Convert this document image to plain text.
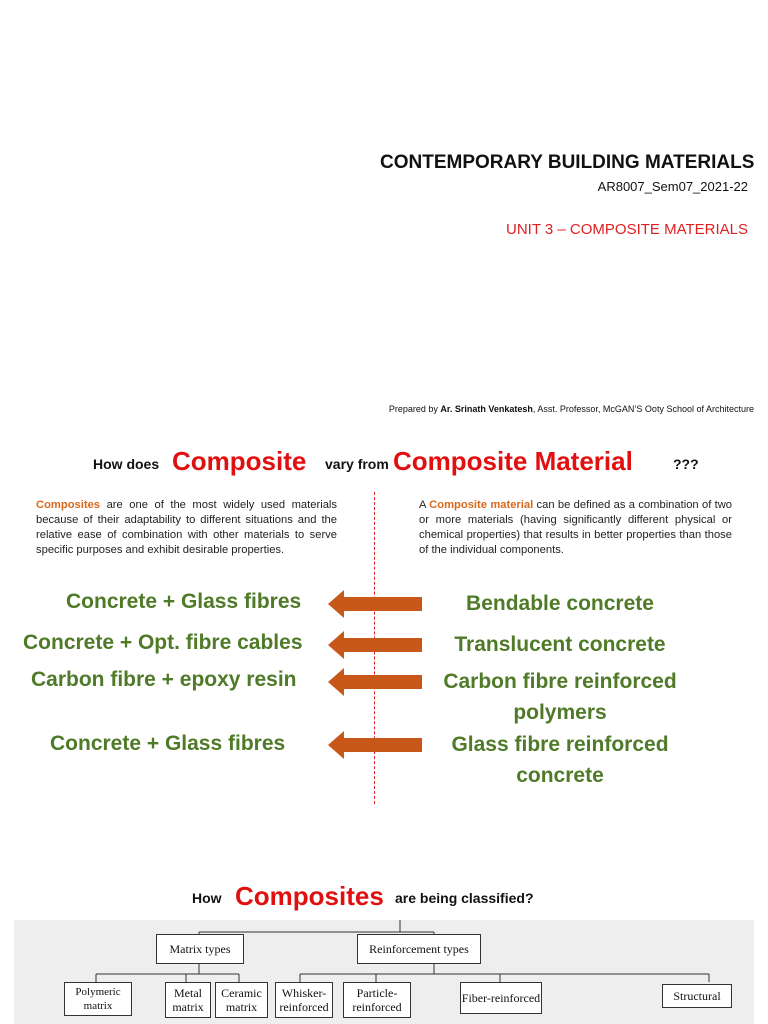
CONTEMPORARY BUILDING MATERIALS
AR8007_Sem07_2021-22
UNIT 3 – COMPOSITE MATERIALS
Prepared by Ar. Srinath Venkatesh, Asst. Professor, McGAN’S Ooty School of Architecture
How does Composite vary from Composite Material	???
Composites are one of the most widely used materials because of their adaptability to different situations and the relative ease of combination with other materials to serve specific purposes and exhibit desirable properties.
A Composite material can be defined as a combination of two or more materials (having significantly different physical or chemical properties) that results in better properties than those of the individual components.
Concrete + Glass fibres	Bendable concrete
Concrete + Opt. fibre cables	Translucent concrete
Carbon fibre + epoxy resin	Carbon fibre reinforced polymers
Concrete + Glass fibres	Glass fibre reinforced concrete
How Composites are being classified?
Matrix types	Reinforcement types
Polymeric matrix
Metal matrix
Ceramic matrix
Whisker-reinforced
Particle-reinforced
Fiber-reinforced	Structural
